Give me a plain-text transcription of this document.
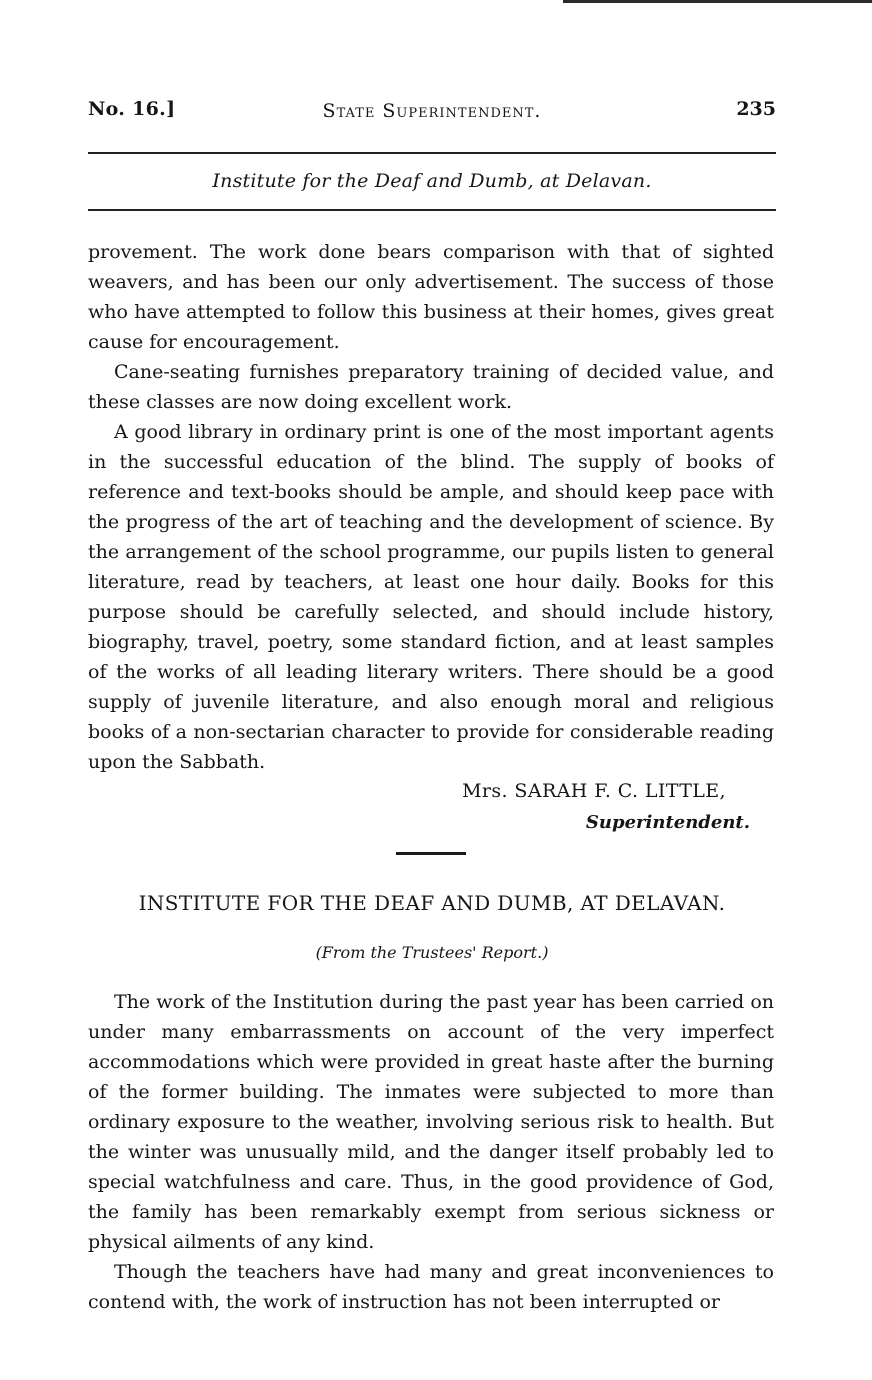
No. 16.]	State Superintendent.	235
Institute for the Deaf and Dumb, at Delavan.

provement. The work done bears comparison with that of sighted weavers, and has been our only advertisement. The success of those who have attempted to follow this business at their homes, gives great cause for encouragement.

Cane-seating furnishes preparatory training of decided value, and these classes are now doing excellent work.

A good library in ordinary print is one of the most important agents in the successful education of the blind. The supply of books of reference and text-books should be ample, and should keep pace with the progress of the art of teaching and the development of science. By the arrangement of the school programme, our pupils listen to general literature, read by teachers, at least one hour daily. Books for this purpose should be carefully selected, and should include history, biography, travel, poetry, some standard fiction, and at least samples of the works of all leading literary writers. There should be a good supply of juvenile literature, and also enough moral and religious books of a non-sectarian character to provide for considerable reading upon the Sabbath.

Mrs. SARAH F. C. LITTLE,
Superintendent.
INSTITUTE FOR THE DEAF AND DUMB, AT DELAVAN.
(From the Trustees' Report.)

The work of the Institution during the past year has been carried on under many embarrassments on account of the very imperfect accommodations which were provided in great haste after the burning of the former building. The inmates were subjected to more than ordinary exposure to the weather, involving serious risk to health. But the winter was unusually mild, and the danger itself probably led to special watchfulness and care. Thus, in the good providence of God, the family has been remarkably exempt from serious sickness or physical ailments of any kind.

Though the teachers have had many and great inconveniences to contend with, the work of instruction has not been interrupted or
